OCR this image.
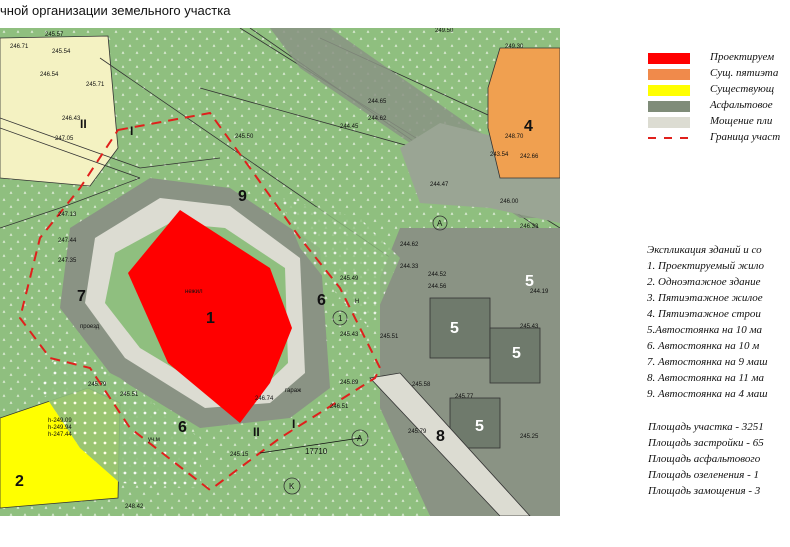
чной организации земельного участка
1
2
4
5
5
5
5
6
6
7
8
9
II
II
I
I
A
K
A
1
17710
h-249.09
h-249.94
h-247.44
нежил
проезд
уч.м
Н
гараж
245.57
246.71
245.54
246.54
246.43
247.05
245.71
247.13
247.44
247.35
245.79
244.65
244.62
245.50
245.49
245.43
246.74
245.89	245.58
245.79
245.25
245.43
244.56
244.47
243.54 242.66
244.62
244.33
244.52
245.77
246.33
246.00
248.42
245.15
245.51
249.50
249.30
248.70
245.51
246.51
244.45
244.19
Проектируем
Сущ. пятиэта
Существующ
Асфальтовое
Мощение пли
Граница участ
Экспликация зданий и со
1. Проектируемый жило
2. Одноэтажное здание
3. Пятиэтажное жилое
4. Пятиэтажное строи
5.Автостоянка на 10 ма
6. Автостоянка на 10 м
7. Автостоянка на 9 маш
8. Автостоянка на 11 ма
9. Автостоянка на 4 маш
Площадь участка - 3251
Площадь застройки - 65
Площадь асфальтового
Площадь озеленения - 1
Площадь замощения - 3
